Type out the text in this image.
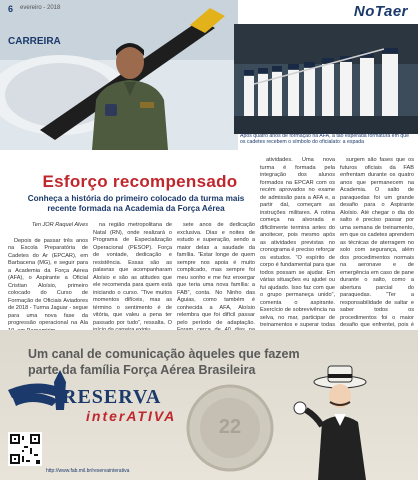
6 evereiro - 2018	NoTaer
CARREIRA
Após quatro anos de formação na AFA, a tão esperada formatura em que os cadetes recebem o símbolo do oficialato: a espada
Esforço recompensado
Conheça a história do primeiro colocado da turma mais recente formada na Academia da Força Aérea
Ten JOR Raquel Alves

Depois de passar três anos na Escola Preparatória de Cadetes do Ar (EPCAR), em Barbacena (MG), e seguir para a Academia da Força Aérea (AFA), o Aspirante a Oficial Cristian Aloísio, primeiro colocado do Curso de Formação de Oficiais Aviadores de 2018 - Turma Jaguar - segue para uma nova fase da progressão operacional na Ala

na região metropolitana de Natal (RN), onde realizará o Programa de Especialização Operacional (PESOP). Força de vontade, dedicação e resistência. Essas são as palavras que acompanharam Aloísio e são as atitudes que ele recomenda para quem está iniciando o curso. “Tive muitos momentos difíceis, mas as término o sentimento é de vitória, que valeu a pena ter passado por tudo”, ressalta. O

sete anos de dedicação exclusiva. Dias e noites de estudo e superação, sendo a maior delas a saudade da família. “Estar longe de quem sempre nos apoia é muito complicado, mas sempre foi meu sonho e me fez enxergar que teria uma nova família: a FAB”, conta. No Ninho das Águias, como também é conhecida a AFA, Aloísio relembra que foi difícil passar pelo período de adaptação.

atividades. Uma nova turma é formada pela integração dos alunos formados na EPCAR com os recém aprovados no exame de admissão para a AFA e, a partir daí, começam as instruções militares. A rotina começa na alvorada e dificilmente termina antes do anoitecer, pois mesmo após as atividades previstas no cronograma é preciso reforçar os estudos. “O espírito de corpo é fundamental para que todos possam se ajudar. Em várias situações eu ajudei ou fui ajudado. Isso faz com que o grupo permaneça unido”, comenta o aspirante. Exercício de sobrevivência na selva, no mar, participar de treinamentos e superar todas

surgem são fases que os futuros oficiais da FAB enfrentam durante os quatro anos que permanecem na Academia. O salto de paraquedas foi um grande desafio para o Aspirante Aloísio. Até chegar o dia do salto é preciso passar por uma semana de treinamento, em que os cadetes aprendem as técnicas de aterragem no solo com segurança, além dos procedimentos normais na aeronave e de emergência em caso de pane durante o salto, como a abertura parcial do paraquedas. “Ter a responsabilidade de saltar e saber todos os procedimentos foi o maior desafio que enfrentei, pois é

22
Um canal de comunicação àqueles que fazem parte da família Força Aérea Brasileira
RESERVA
interATIVA
http://www.fab.mil.br/reservainterativa
